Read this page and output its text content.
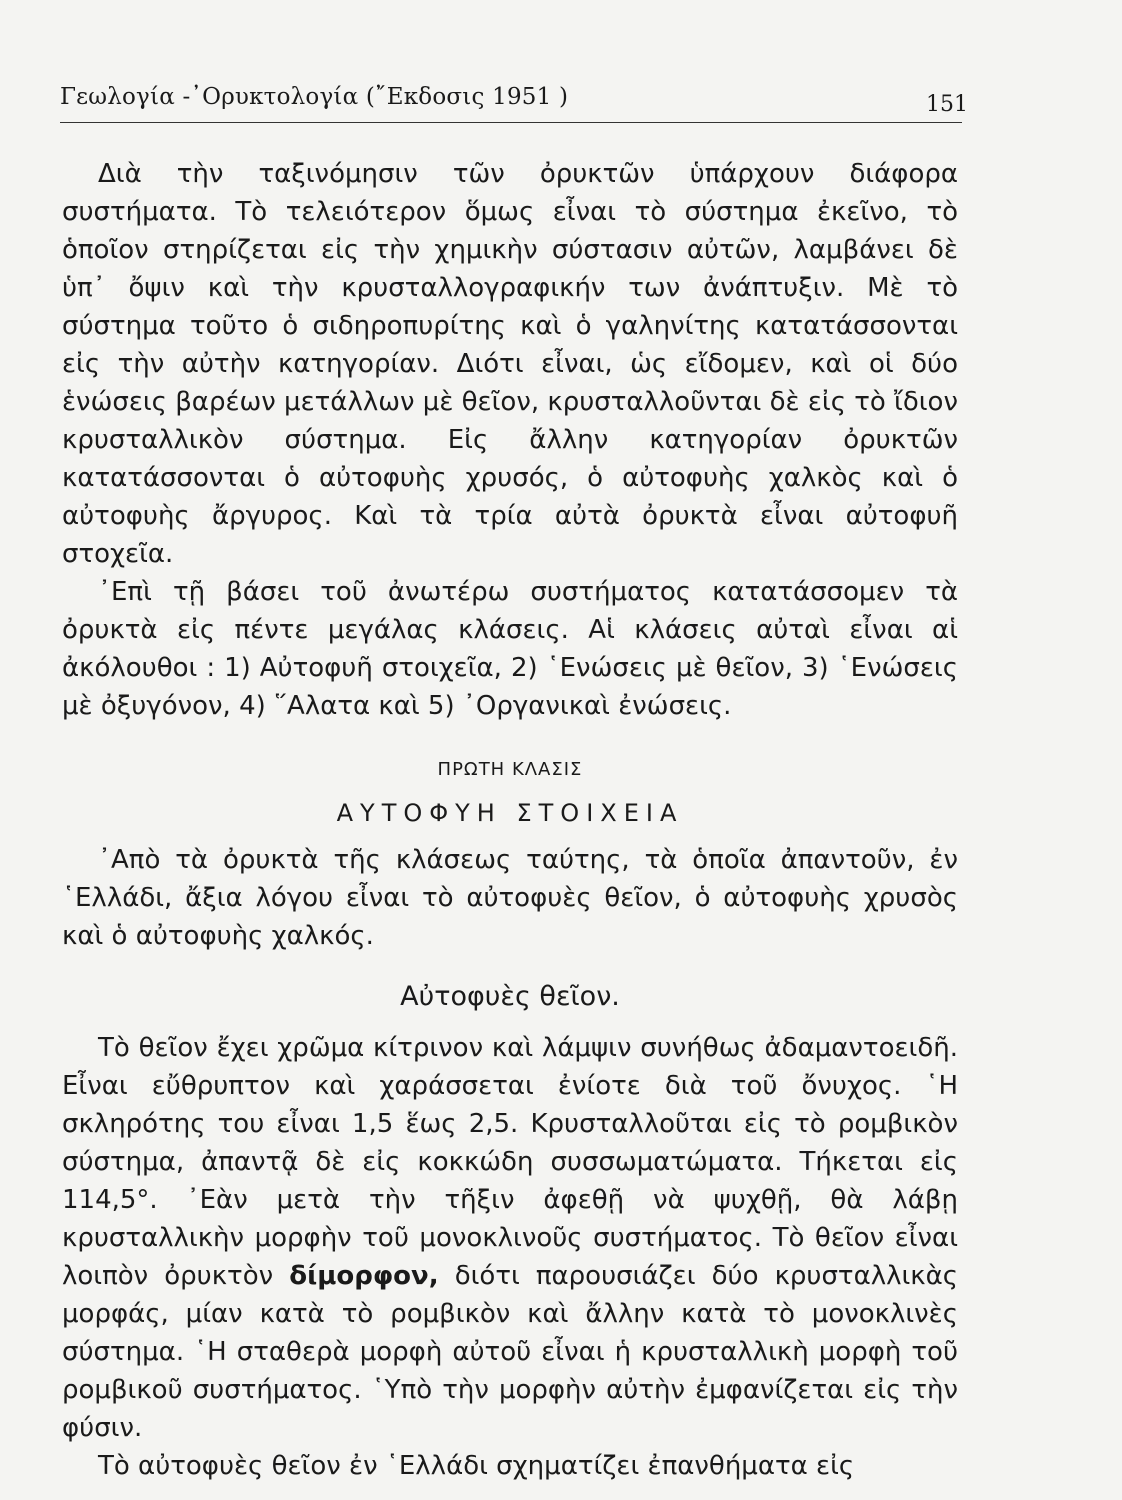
Γεωλογία -᾿Ορυκτολογία (῎Εκδοσις 1951 )	151

Διὰ τὴν ταξινόμησιν τῶν ὀρυκτῶν ὑπάρχουν διάφορα συστήματα. Τὸ τελειότερον ὅμως εἶναι τὸ σύστημα ἐκεῖνο, τὸ ὁποῖον στηρίζεται εἰς τὴν χημικὴν σύστασιν αὐτῶν, λαμβάνει δὲ ὑπ᾿ ὄψιν καὶ τὴν κρυσταλλογραφικήν των ἀνάπτυξιν. Μὲ τὸ σύστημα τοῦτο ὁ σιδηροπυρίτης καὶ ὁ γαληνίτης κατατάσσονται εἰς τὴν αὐτὴν κατηγορίαν. Διότι εἶναι, ὡς εἴδομεν, καὶ οἱ δύο ἑνώσεις βαρέων μετάλλων μὲ θεῖον, κρυσταλλοῦνται δὲ εἰς τὸ ἴδιον κρυσταλλικὸν σύστημα. Εἰς ἄλλην κατηγορίαν ὀρυκτῶν κατατάσσονται ὁ αὐτοφυὴς χρυσός, ὁ αὐτοφυὴς χαλκὸς καὶ ὁ αὐτοφυὴς ἄργυρος. Καὶ τὰ τρία αὐτὰ ὀρυκτὰ εἶναι αὐτοφυῆ στοχεῖα.

᾿Επὶ τῇ βάσει τοῦ ἀνωτέρω συστήματος κατατάσσομεν τὰ ὀρυκτὰ εἰς πέντε μεγάλας κλάσεις. Αἱ κλάσεις αὐταὶ εἶναι αἱ ἀκόλουθοι : 1) Αὐτοφυῆ στοιχεῖα, 2) ῾Ενώσεις μὲ θεῖον, 3) ῾Ενώσεις μὲ ὀξυγόνον, 4) ῞Αλατα καὶ 5) ᾿Οργανικαὶ ἐνώσεις.

ΠΡΩΤΗ ΚΛΑΣΙΣ
ΑΥΤΟΦΥΗ ΣΤΟΙΧΕΙΑ

᾿Απὸ τὰ ὀρυκτὰ τῆς κλάσεως ταύτης, τὰ ὁποῖα ἀπαντοῦν, ἐν ῾Ελλάδι, ἄξια λόγου εἶναι τὸ αὐτοφυὲς θεῖον, ὁ αὐτοφυὴς χρυσὸς καὶ ὁ αὐτοφυὴς χαλκός.

Αὐτοφυὲς θεῖον.

Τὸ θεῖον ἔχει χρῶμα κίτρινον καὶ λάμψιν συνήθως ἀδαμαντοειδῆ. Εἶναι εὔθρυπτον καὶ χαράσσεται ἐνίοτε διὰ τοῦ ὄνυχος. ῾Η σκληρότης του εἶναι 1,5 ἕως 2,5. Κρυσταλλοῦται εἰς τὸ ρομβικὸν σύστημα, ἀπαντᾷ δὲ εἰς κοκκώδη συσσωματώματα. Τήκεται εἰς 114,5°. ᾿Εὰν μετὰ τὴν τῆξιν ἀφεθῇ νὰ ψυχθῇ, θὰ λάβῃ κρυσταλλικὴν μορφὴν τοῦ μονοκλινοῦς συστήματος. Τὸ θεῖον εἶναι λοιπὸν ὀρυκτὸν δίμορφον, διότι παρουσιάζει δύο κρυσταλλικὰς μορφάς, μίαν κατὰ τὸ ρομβικὸν καὶ ἄλλην κατὰ τὸ μονοκλινὲς σύστημα. ῾Η σταθερὰ μορφὴ αὐτοῦ εἶναι ἡ κρυσταλλικὴ μορφὴ τοῦ ρομβικοῦ συστήματος. ῾Υπὸ τὴν μορφὴν αὐτὴν ἐμφανίζεται εἰς τὴν φύσιν.

Τὸ αὐτοφυὲς θεῖον ἐν ῾Ελλάδι σχηματίζει ἐπανθήματα εἰς
